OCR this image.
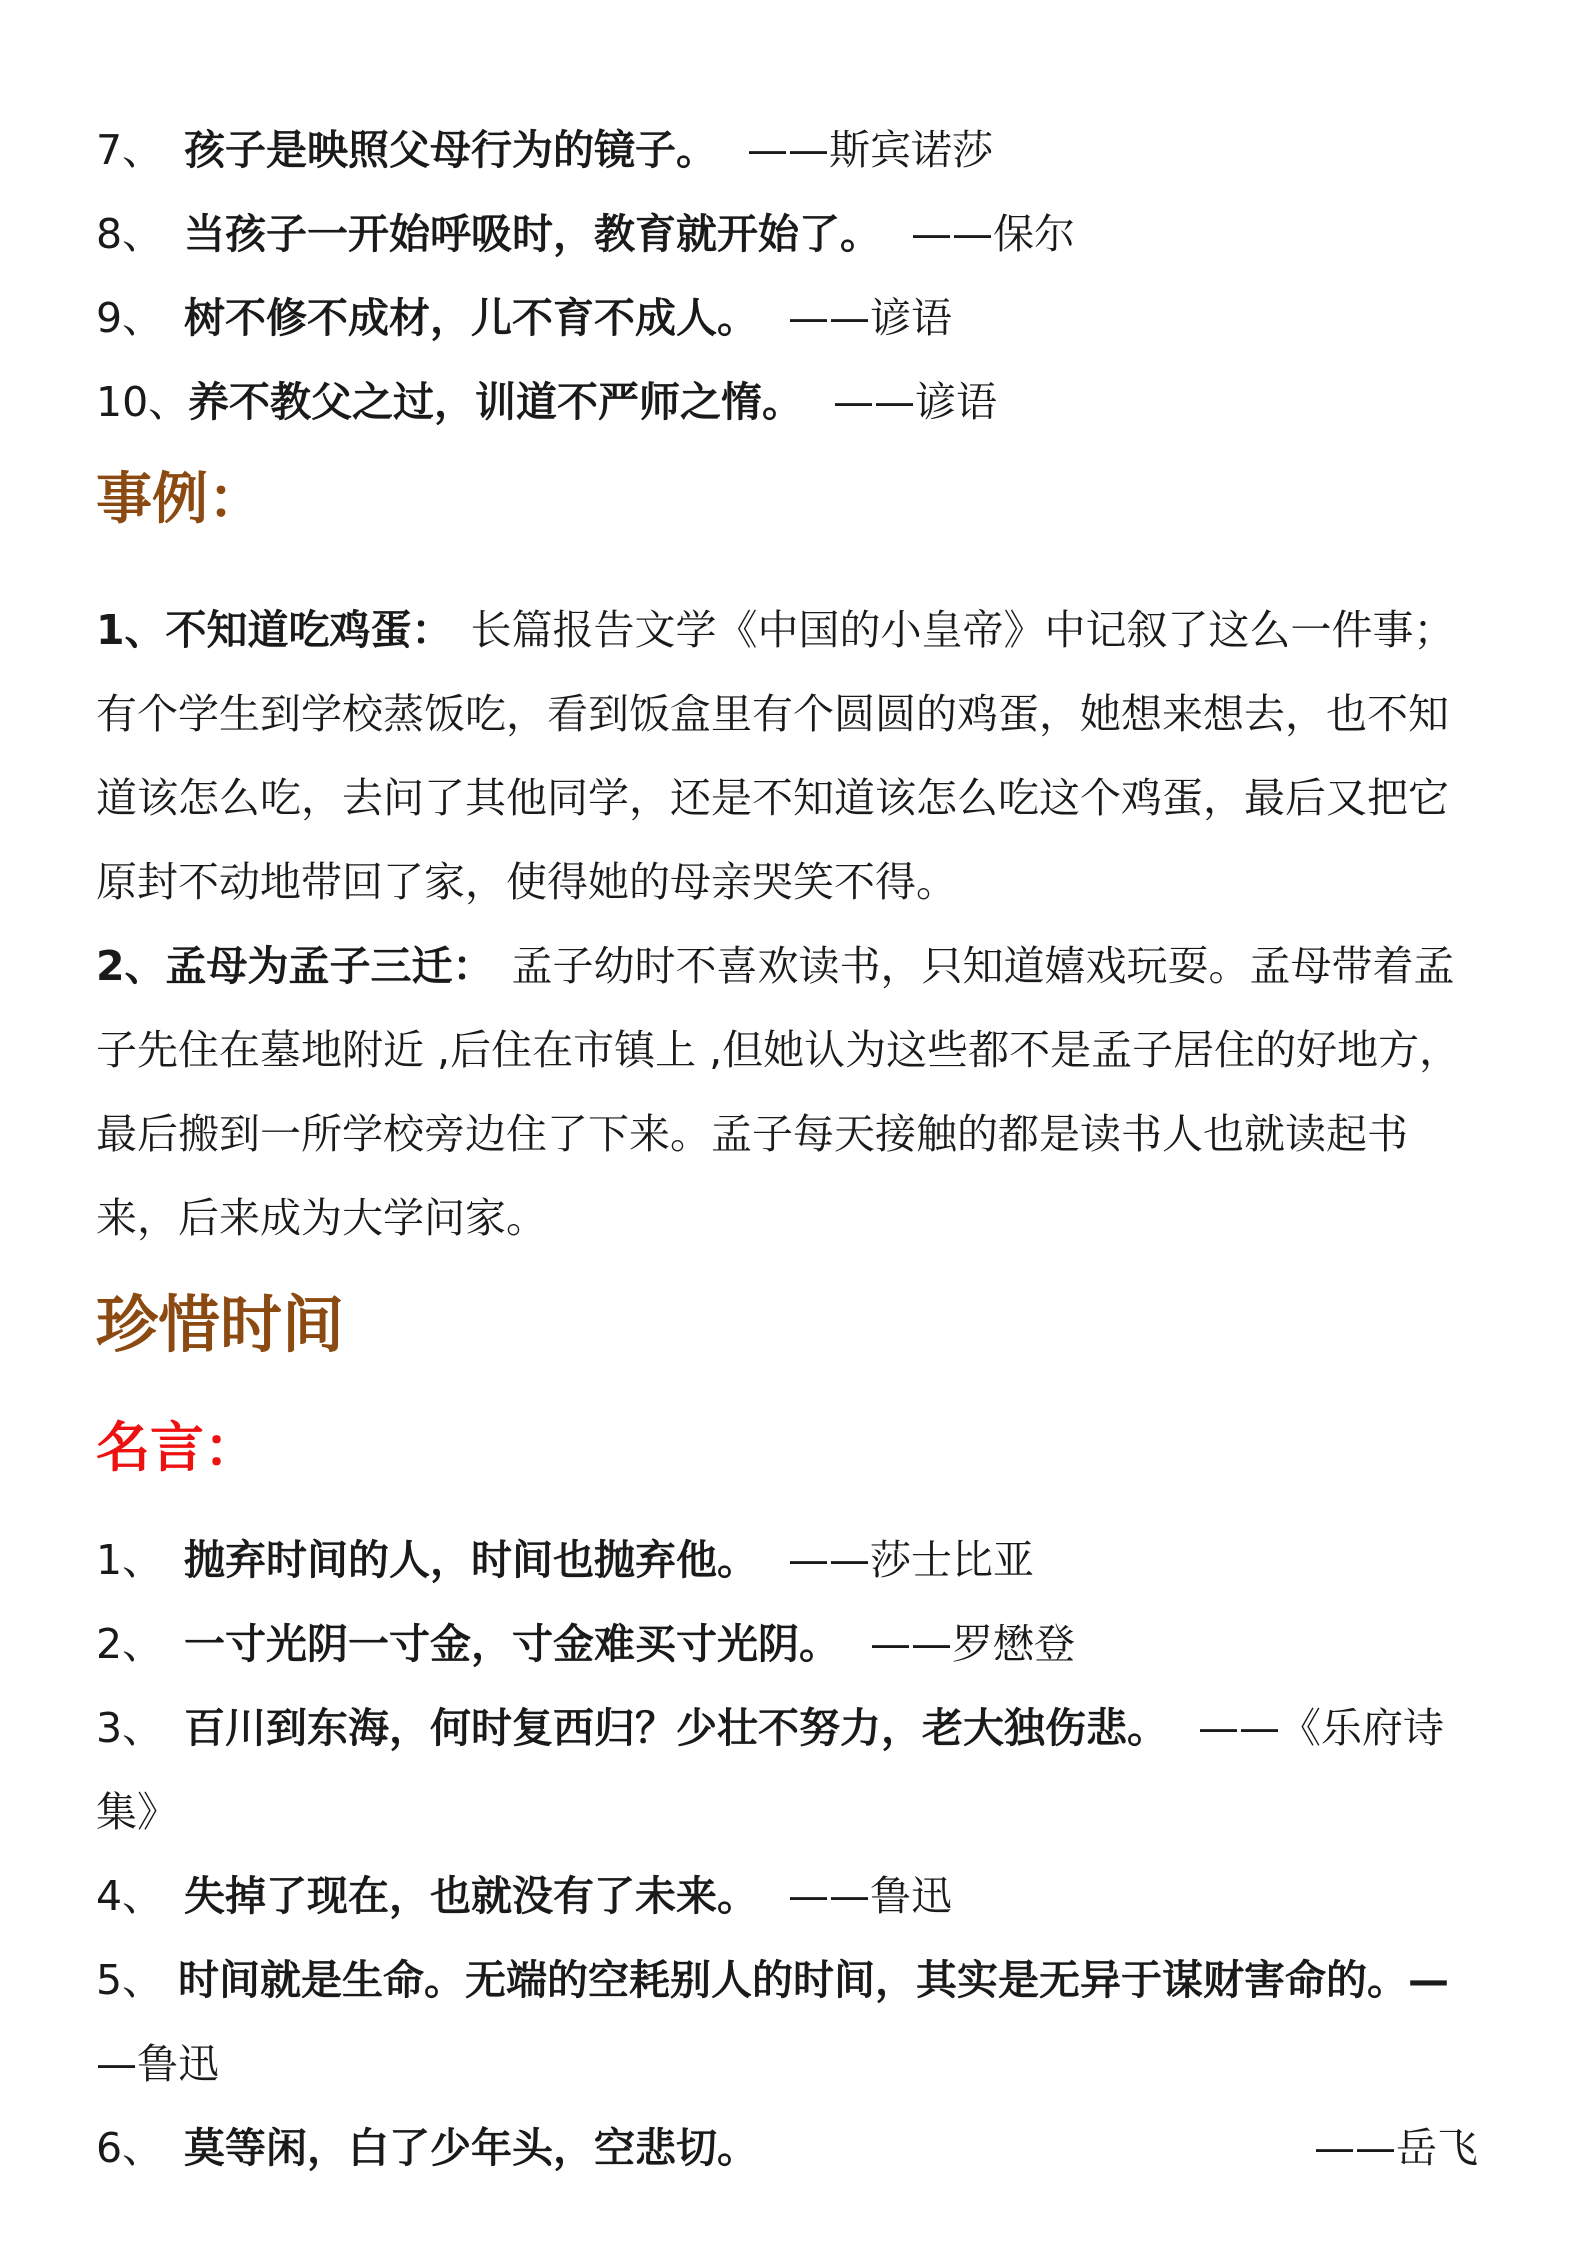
7、 孩子是映照父母行为的镜子。 ——斯宾诺莎
8、 当孩子一开始呼吸时，教育就开始了。 ——保尔
9、 树不修不成材，儿不育不成人。 ——谚语
10、养不教父之过，训道不严师之惰。 ——谚语
事例：
1、不知道吃鸡蛋： 长篇报告文学《中国的小皇帝》中记叙了这么一件事；
有个学生到学校蒸饭吃，看到饭盒里有个圆圆的鸡蛋，她想来想去，也不知
道该怎么吃，去问了其他同学，还是不知道该怎么吃这个鸡蛋，最后又把它
原封不动地带回了家，使得她的母亲哭笑不得。
2、孟母为孟子三迁： 孟子幼时不喜欢读书，只知道嬉戏玩耍。孟母带着孟
子先住在墓地附近 ,后住在市镇上 ,但她认为这些都不是孟子居住的好地方，
最后搬到一所学校旁边住了下来。孟子每天接触的都是读书人也就读起书
来，后来成为大学问家。
珍惜时间
名言：
1、 抛弃时间的人，时间也抛弃他。 ——莎士比亚
2、 一寸光阴一寸金，寸金难买寸光阴。 ——罗懋登
3、 百川到东海，何时复西归？少壮不努力，老大独伤悲。 ——《乐府诗
集》
4、 失掉了现在，也就没有了未来。 ——鲁迅
5、 时间就是生命。无端的空耗别人的时间，其实是无异于谋财害命的。—
—鲁迅
6、 莫等闲，白了少年头，空悲切。	——岳飞
